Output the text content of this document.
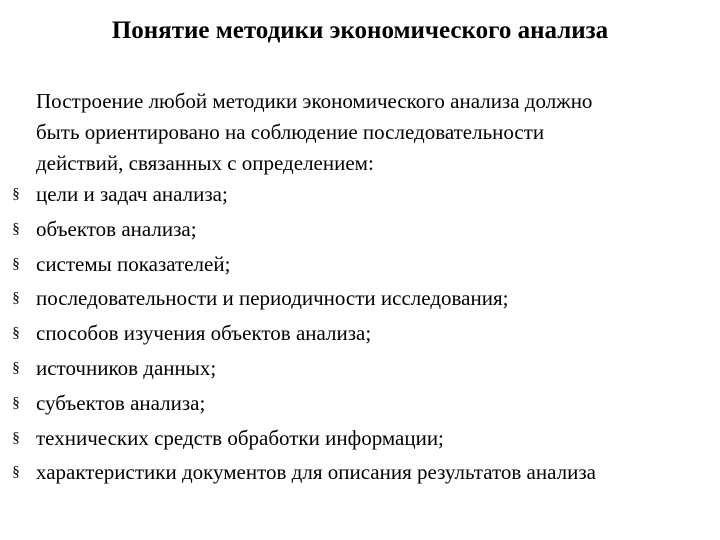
Понятие методики экономического анализа
Построение любой методики экономического анализа должно
быть ориентировано на соблюдение последовательности
действий, связанных с определением:
§ цели и задач анализа;
§ объектов анализа;
§ системы показателей;
§ последовательности и периодичности исследования;
§ способов изучения объектов анализа;
§ источников данных;
§ субъектов анализа;
§ технических средств обработки информации;
§ характеристики документов для описания результатов анализа
